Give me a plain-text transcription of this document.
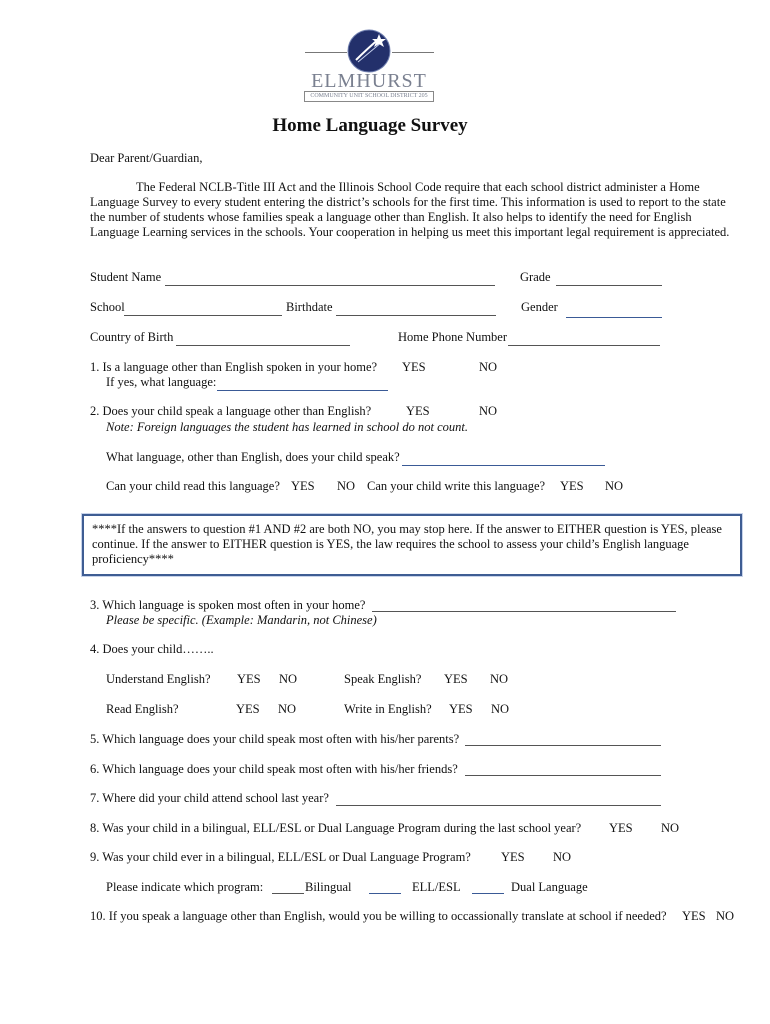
ELMHURST
COMMUNITY UNIT SCHOOL DISTRICT 205
Home Language Survey
Dear Parent/Guardian,
The Federal NCLB-Title III Act and the Illinois School Code require that each school district administer a Home Language Survey to every student entering the district’s schools for the first time. This information is used to report to the state the number of students whose families speak a language other than English. It also helps to identify the need for English Language Learning services in the schools. Your cooperation in helping us meet this important legal requirement is appreciated.
Student Name	Grade
School	Birthdate	Gender
Country of Birth	Home Phone Number
1. Is a language other than English spoken in your home? YES	NO
If yes, what language:
2. Does your child speak a language other than English?	YES	NO
Note: Foreign languages the student has learned in school do not count.
What language, other than English, does your child speak?
Can your child read this language? YES NO Can your child write this language? YES NO
****If the answers to question #1 AND #2 are both NO, you may stop here. If the answer to EITHER question is YES, please continue. If the answer to EITHER question is YES, the law requires the school to assess your child’s English language proficiency****
3. Which language is spoken most often in your home?
Please be specific. (Example: Mandarin, not Chinese)
4. Does your child……..
Understand English? YES NO	Speak English? YES NO
Read English?	YES NO	Write in English? YES NO
5. Which language does your child speak most often with his/her parents?
6. Which language does your child speak most often with his/her friends?
7. Where did your child attend school last year?
8. Was your child in a bilingual, ELL/ESL or Dual Language Program during the last school year? YES NO
9. Was your child ever in a bilingual, ELL/ESL or Dual Language Program? YES NO
Please indicate which program:	Bilingual	ELL/ESL	Dual Language
10. If you speak a language other than English, would you be willing to occassionally translate at school if needed? YES NO
